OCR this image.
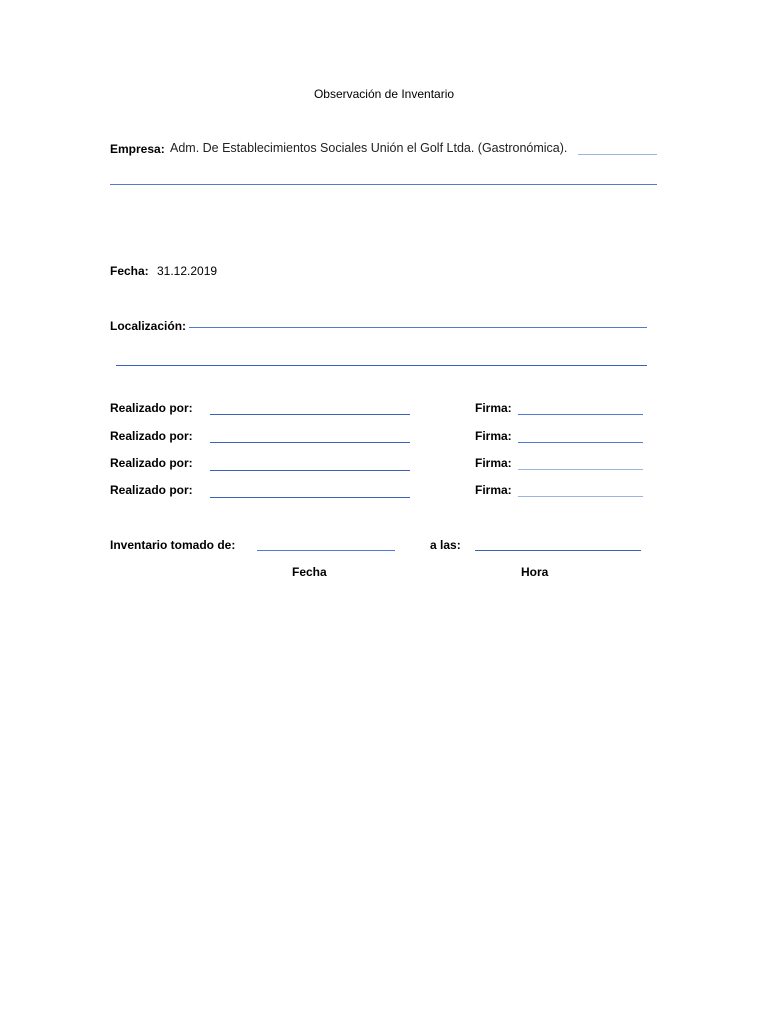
Observación de Inventario
Empresa: Adm. De Establecimientos Sociales Unión el Golf Ltda. (Gastronómica).
Fecha: 31.12.2019
Localización:
Realizado por:	Firma:
Realizado por:	Firma:
Realizado por:	Firma:
Realizado por:	Firma:
Inventario tomado de:	a las:
Fecha	Hora
